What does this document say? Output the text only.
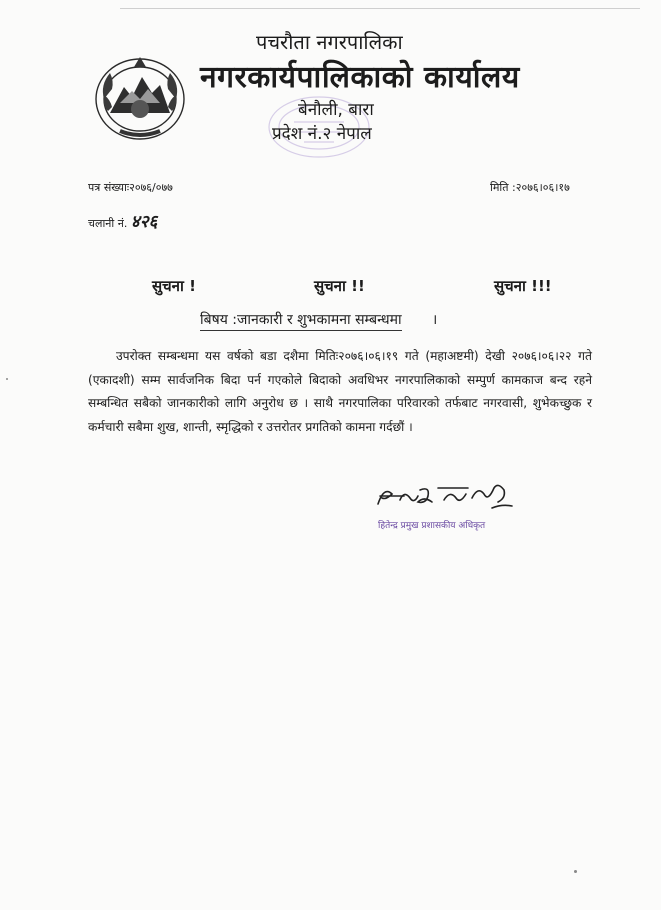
पचरौता नगरपालिका
नगरकार्यपालिकाको कार्यालय
बेनौली, बारा
प्रदेश नं.२ नेपाल
पत्र संख्याः२०७६/०७७	मिति :२०७६।०६।१७
चलानी नं. ४२६
सुचना !	सुचना !!	सुचना !!!
बिषय :जानकारी र शुभकामना सम्बन्धमा ।
उपरोक्त सम्बन्धमा यस वर्षको बडा दशैमा मितिः२०७६।०६।१९ गते (महाअष्टमी) देखी २०७६।०६।२२ गते (एकादशी) सम्म सार्वजनिक बिदा पर्न गएकोले बिदाको अवधिभर नगरपालिकाको सम्पुर्ण कामकाज बन्द रहने सम्बन्धित सबैको जानकारीको लागि अनुरोध छ । साथै नगरपालिका परिवारको तर्फबाट नगरवासी, शुभेकच्छुक र कर्मचारी सबैमा शुख, शान्ती, स्मृद्धिको र उत्तरोतर प्रगतिको कामना गर्दछौं ।
हितेन्द्र प्रमुख प्रशासकीय अधिकृत
